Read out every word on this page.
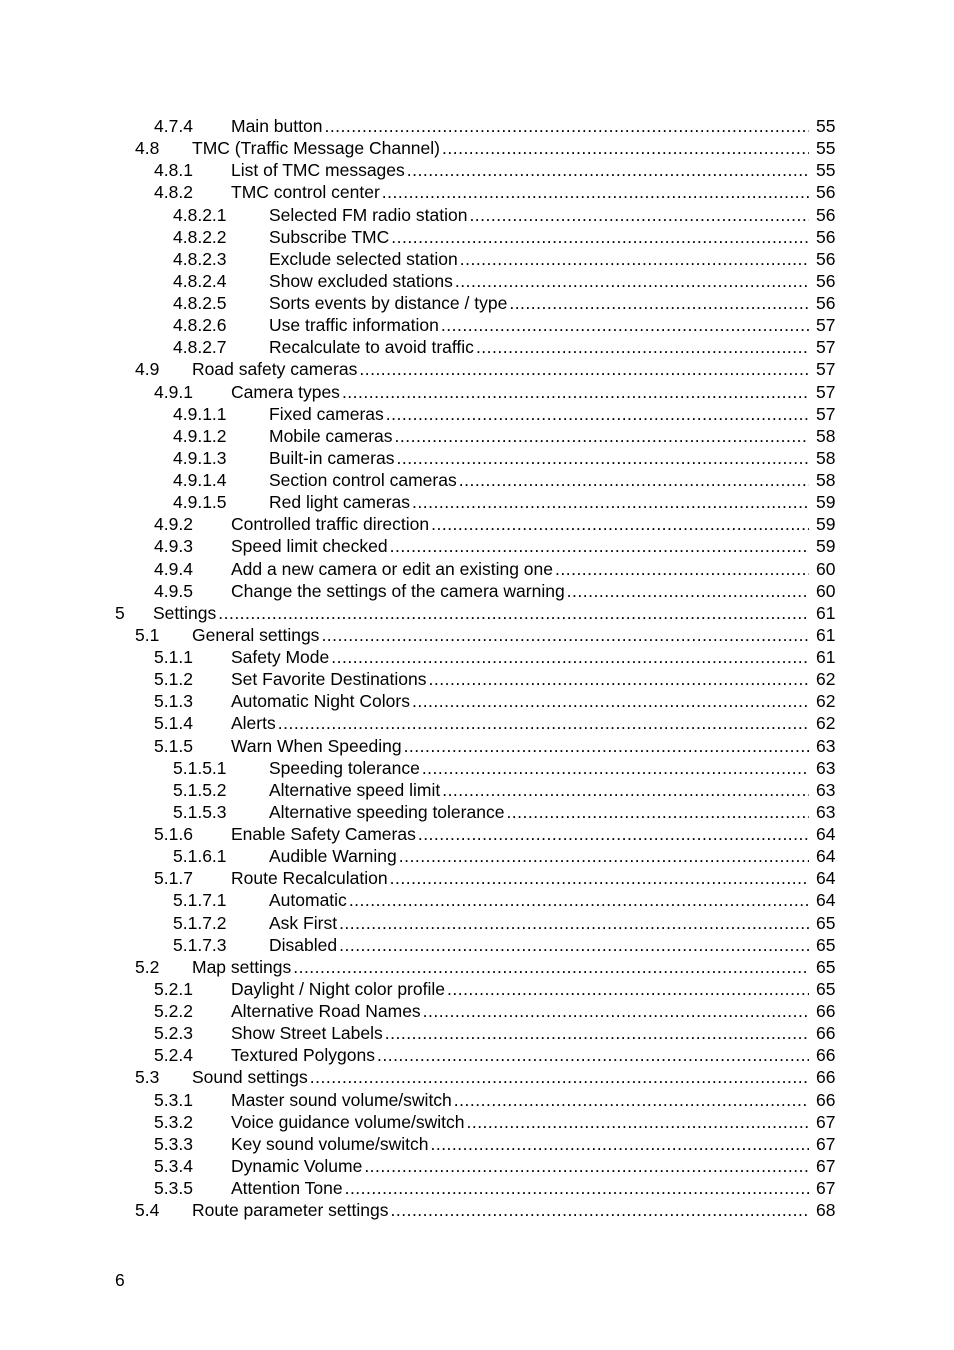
4.7.4 Main button .....	55
4.8 TMC (Traffic Message Channel) .....	55
4.8.1 List of TMC messages .....	55
4.8.2 TMC control center .....	56
4.8.2.1 Selected FM radio station .....	56
4.8.2.2 Subscribe TMC .....	56
4.8.2.3 Exclude selected station .....	56
4.8.2.4 Show excluded stations .....	56
4.8.2.5 Sorts events by distance / type .....	56
4.8.2.6 Use traffic information .....	57
4.8.2.7 Recalculate to avoid traffic .....	57
4.9 Road safety cameras .....	57
4.9.1 Camera types .....	57
4.9.1.1 Fixed cameras .....	57
4.9.1.2 Mobile cameras .....	58
4.9.1.3 Built-in cameras .....	58
4.9.1.4 Section control cameras .....	58
4.9.1.5 Red light cameras .....	59
4.9.2 Controlled traffic direction .....	59
4.9.3 Speed limit checked .....	59
4.9.4 Add a new camera or edit an existing one .....	60
4.9.5 Change the settings of the camera warning .....	60
5 Settings .....	61
5.1 General settings .....	61
5.1.1 Safety Mode .....	61
5.1.2 Set Favorite Destinations .....	62
5.1.3 Automatic Night Colors .....	62
5.1.4 Alerts .....	62
5.1.5 Warn When Speeding .....	63
5.1.5.1 Speeding tolerance .....	63
5.1.5.2 Alternative speed limit .....	63
5.1.5.3 Alternative speeding tolerance .....	63
5.1.6 Enable Safety Cameras .....	64
5.1.6.1 Audible Warning .....	64
5.1.7 Route Recalculation .....	64
5.1.7.1 Automatic .....	64
5.1.7.2 Ask First .....	65
5.1.7.3 Disabled .....	65
5.2 Map settings .....	65
5.2.1 Daylight / Night color profile .....	65
5.2.2 Alternative Road Names .....	66
5.2.3 Show Street Labels .....	66
5.2.4 Textured Polygons .....	66
5.3 Sound settings .....	66
5.3.1 Master sound volume/switch .....	66
5.3.2 Voice guidance volume/switch .....	67
5.3.3 Key sound volume/switch .....	67
5.3.4 Dynamic Volume .....	67
5.3.5 Attention Tone .....	67
5.4 Route parameter settings .....	68
6
